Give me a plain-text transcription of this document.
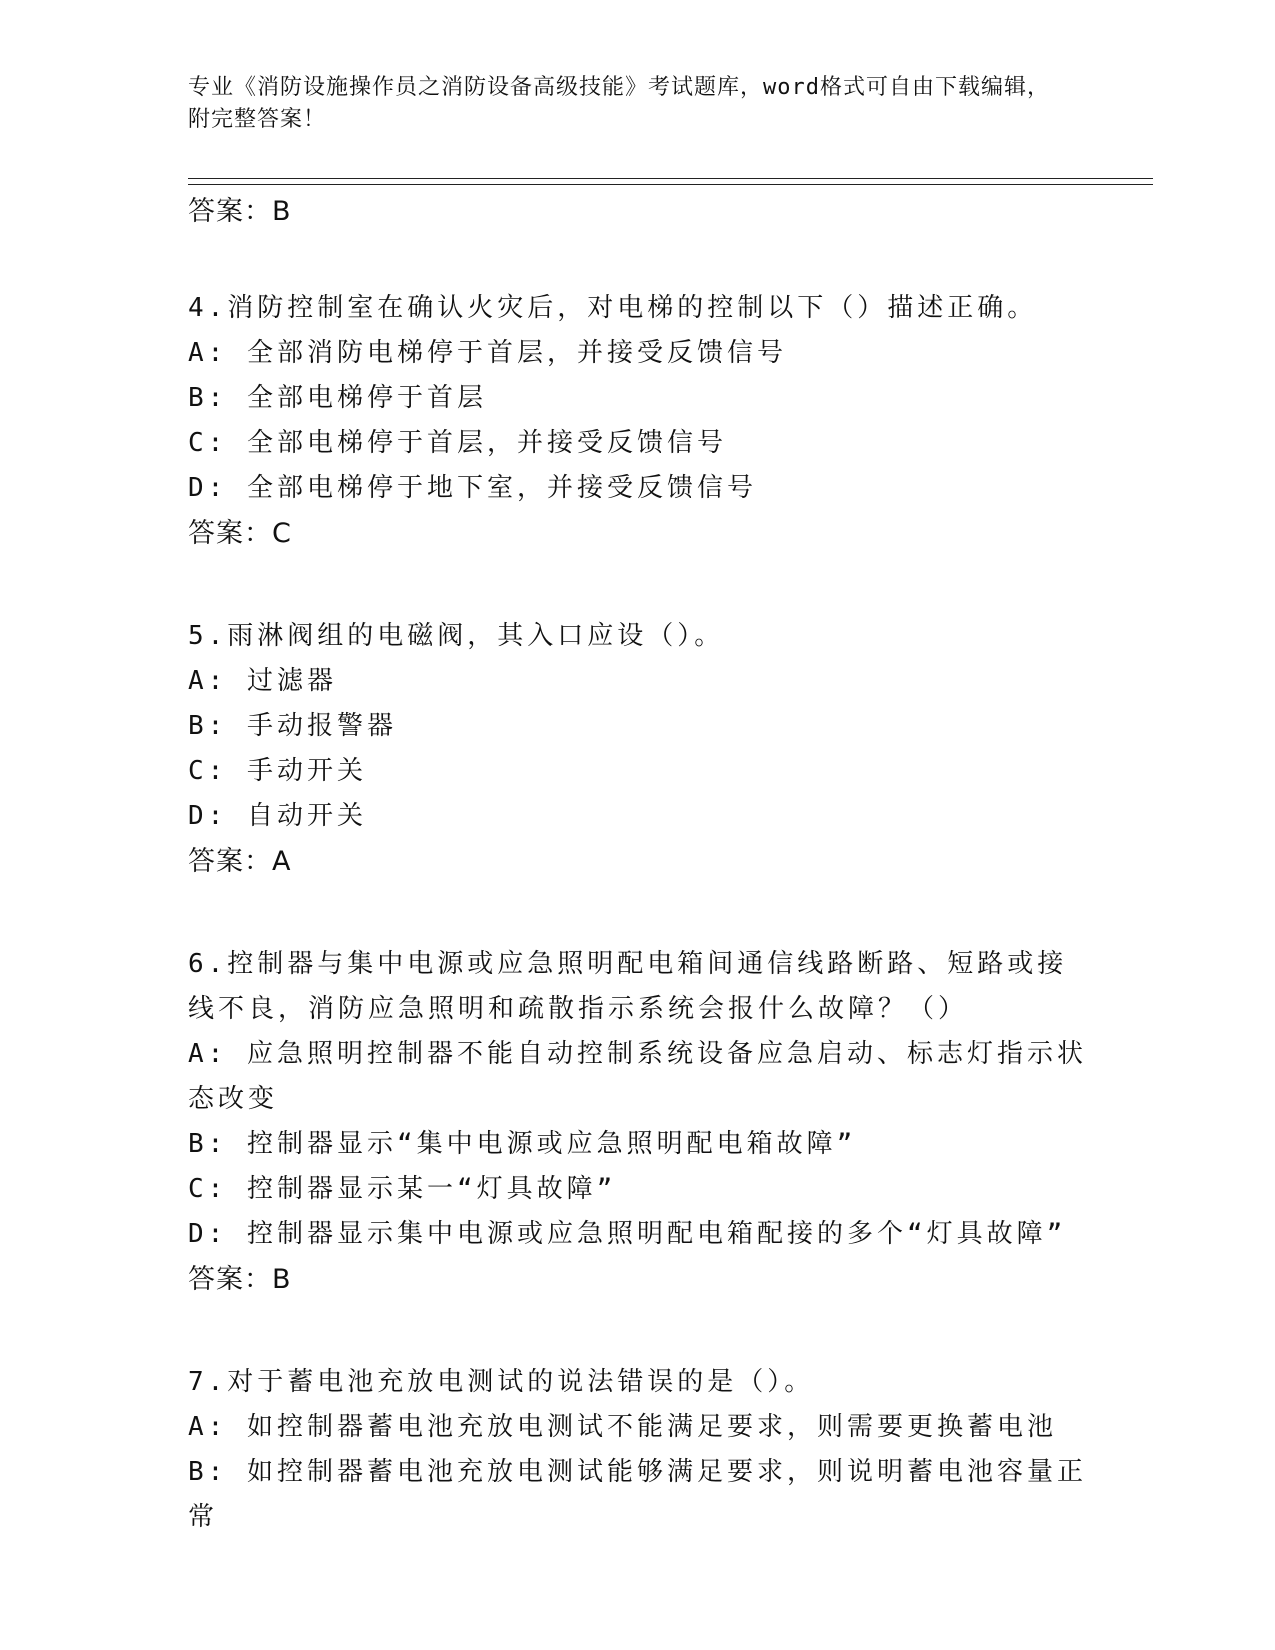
专业《消防设施操作员之消防设备高级技能》考试题库，word格式可自由下载编辑，附完整答案！

答案：B

4.消防控制室在确认火灾后，对电梯的控制以下（）描述正确。

A: 全部消防电梯停于首层，并接受反馈信号

B: 全部电梯停于首层

C: 全部电梯停于首层，并接受反馈信号

D: 全部电梯停于地下室，并接受反馈信号

答案：C

5.雨淋阀组的电磁阀，其入口应设（）。

A: 过滤器

B: 手动报警器

C: 手动开关

D: 自动开关

答案：A

6.控制器与集中电源或应急照明配电箱间通信线路断路、短路或接线不良，消防应急照明和疏散指示系统会报什么故障？（）

A: 应急照明控制器不能自动控制系统设备应急启动、标志灯指示状态改变

B: 控制器显示“集中电源或应急照明配电箱故障”

C: 控制器显示某一“灯具故障”

D: 控制器显示集中电源或应急照明配电箱配接的多个“灯具故障”

答案：B

7.对于蓄电池充放电测试的说法错误的是（）。

A: 如控制器蓄电池充放电测试不能满足要求，则需要更换蓄电池

B: 如控制器蓄电池充放电测试能够满足要求，则说明蓄电池容量正常
